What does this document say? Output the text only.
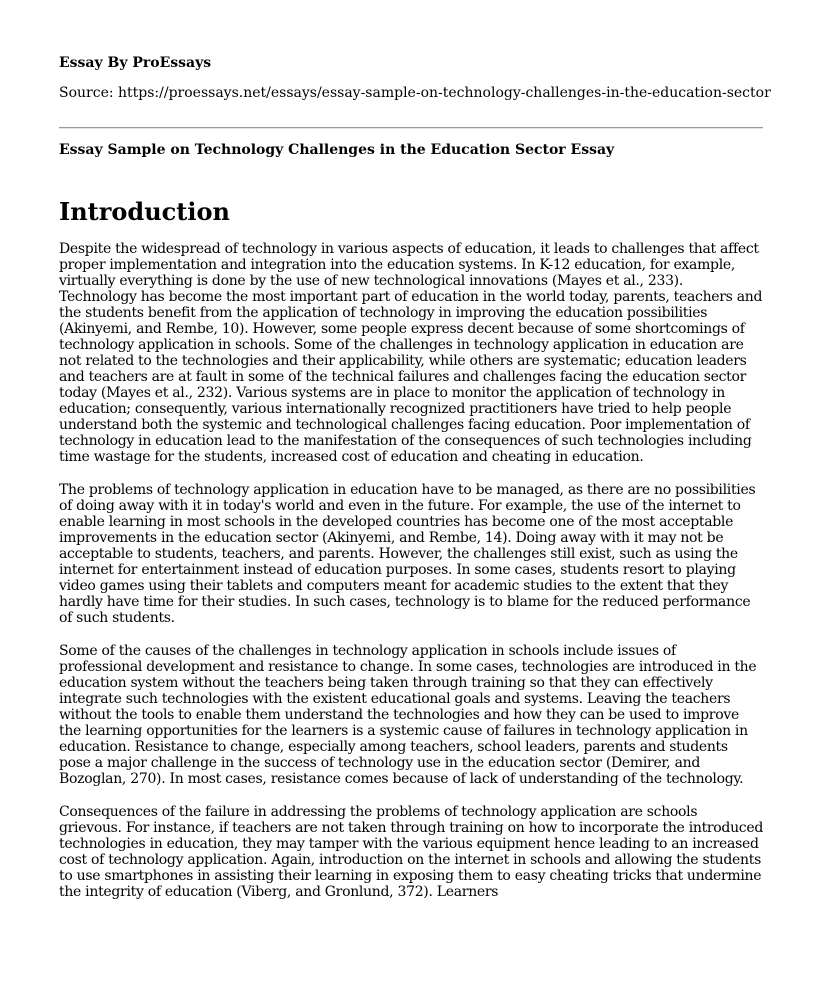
Essay By ProEssays
Source: https://proessays.net/essays/essay-sample-on-technology-challenges-in-the-education-sector
Essay Sample on Technology Challenges in the Education Sector Essay
Introduction

Despite the widespread of technology in various aspects of education, it leads to challenges that affect proper implementation and integration into the education systems. In K-12 education, for example, virtually everything is done by the use of new technological innovations (Mayes et al., 233). Technology has become the most important part of education in the world today, parents, teachers and the students benefit from the application of technology in improving the education possibilities (Akinyemi, and Rembe, 10). However, some people express decent because of some shortcomings of technology application in schools. Some of the challenges in technology application in education are not related to the technologies and their applicability, while others are systematic; education leaders and teachers are at fault in some of the technical failures and challenges facing the education sector today (Mayes et al., 232). Various systems are in place to monitor the application of technology in education; consequently, various internationally recognized practitioners have tried to help people understand both the systemic and technological challenges facing education. Poor implementation of technology in education lead to the manifestation of the consequences of such technologies including time wastage for the students, increased cost of education and cheating in education.

The problems of technology application in education have to be managed, as there are no possibilities of doing away with it in today's world and even in the future. For example, the use of the internet to enable learning in most schools in the developed countries has become one of the most acceptable improvements in the education sector (Akinyemi, and Rembe, 14). Doing away with it may not be acceptable to students, teachers, and parents. However, the challenges still exist, such as using the internet for entertainment instead of education purposes. In some cases, students resort to playing video games using their tablets and computers meant for academic studies to the extent that they hardly have time for their studies. In such cases, technology is to blame for the reduced performance of such students.

Some of the causes of the challenges in technology application in schools include issues of professional development and resistance to change. In some cases, technologies are introduced in the education system without the teachers being taken through training so that they can effectively integrate such technologies with the existent educational goals and systems. Leaving the teachers without the tools to enable them understand the technologies and how they can be used to improve the learning opportunities for the learners is a systemic cause of failures in technology application in education. Resistance to change, especially among teachers, school leaders, parents and students pose a major challenge in the success of technology use in the education sector (Demirer, and Bozoglan, 270). In most cases, resistance comes because of lack of understanding of the technology.

Consequences of the failure in addressing the problems of technology application are schools grievous. For instance, if teachers are not taken through training on how to incorporate the introduced technologies in education, they may tamper with the various equipment hence leading to an increased cost of technology application. Again, introduction on the internet in schools and allowing the students to use smartphones in assisting their learning in exposing them to easy cheating tricks that undermine the integrity of education (Viberg, and Gronlund, 372). Learners
